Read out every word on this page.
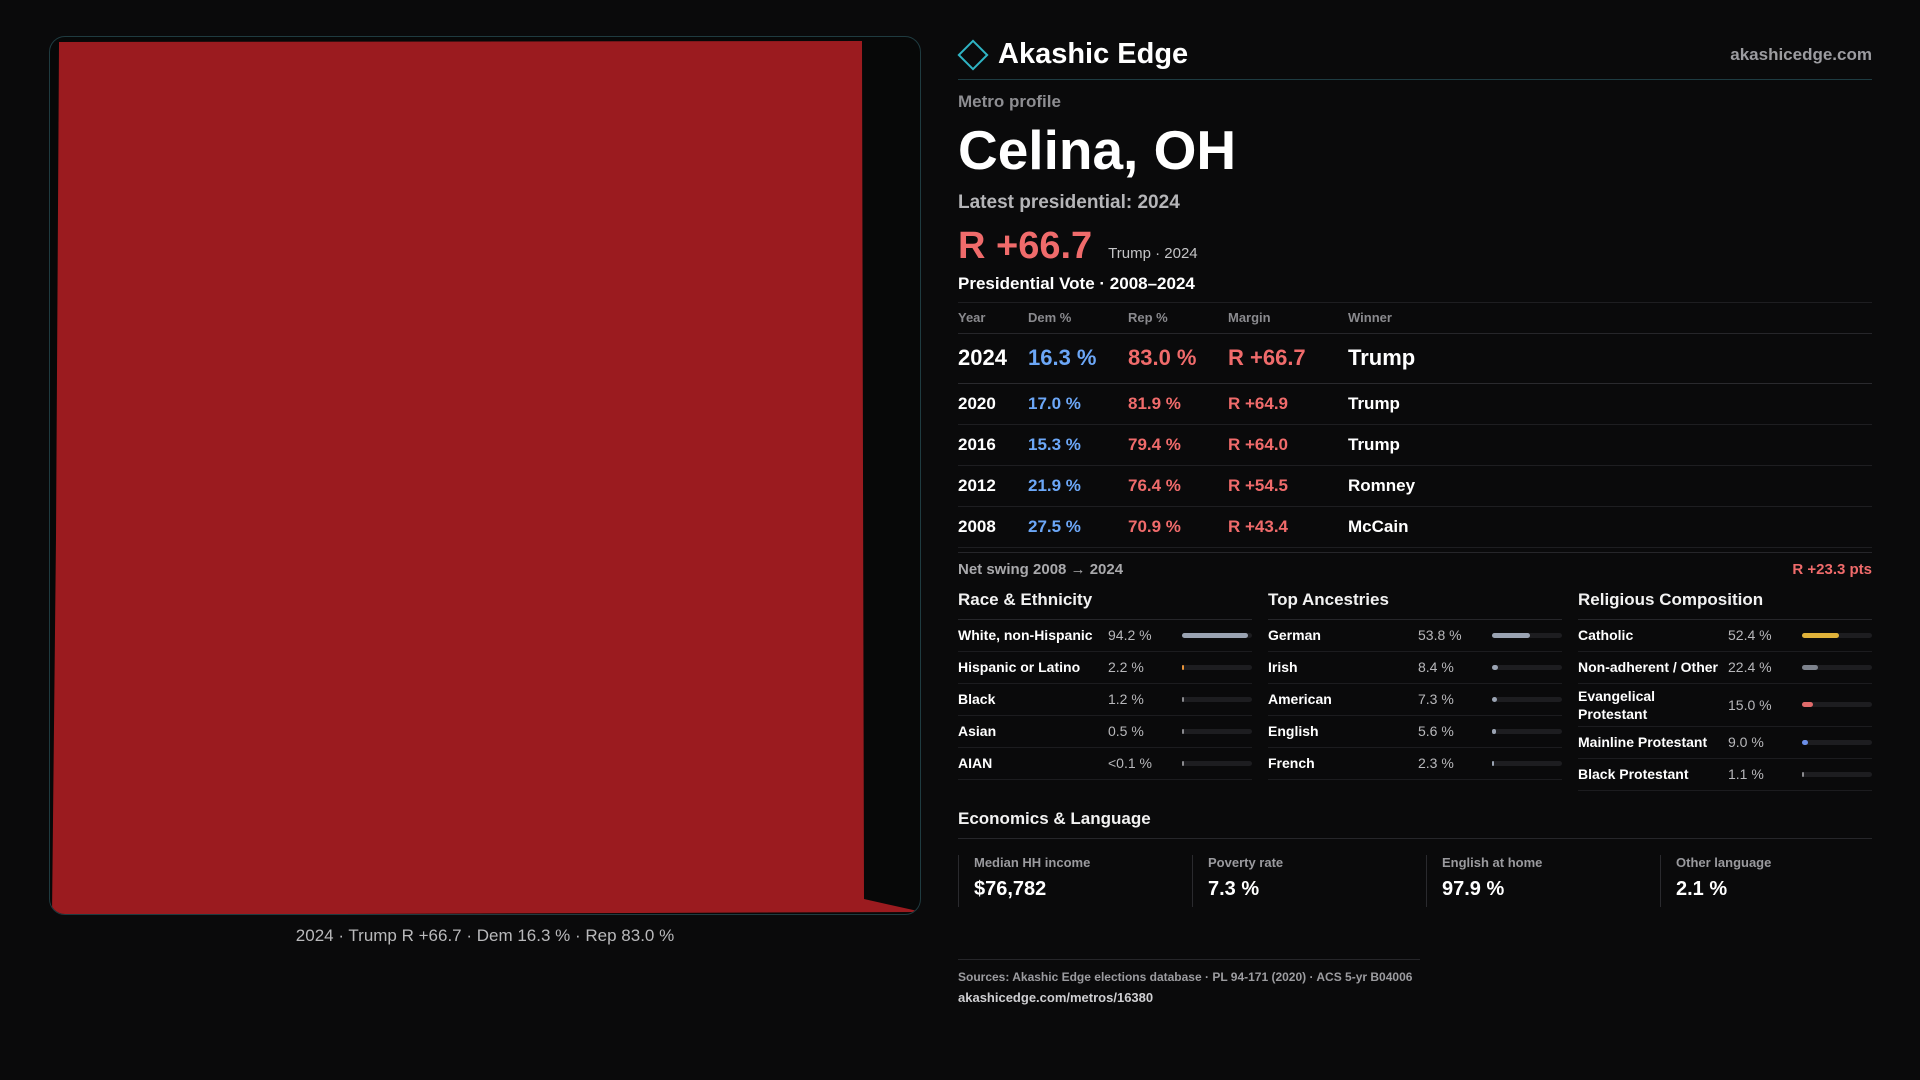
2024 · Trump R +66.7 · Dem 16.3 % · Rep 83.0 %
Akashic Edge	akashicedge.com
Metro profile
Celina, OH
Latest presidential: 2024
R +66.7 Trump · 2024
Presidential Vote · 2008–2024
Year	Dem %	Rep %	Margin	Winner
2024	16.3 %	83.0 %	R +66.7	Trump
2020	17.0 %	81.9 %	R +64.9	Trump
2016	15.3 %	79.4 %	R +64.0	Trump
2012	21.9 %	76.4 %	R +54.5	Romney
2008	27.5 %	70.9 %	R +43.4	McCain
Net swing 2008 → 2024	R +23.3 pts
Race & Ethnicity
White, non-Hispanic	94.2 %
Hispanic or Latino	2.2 %
Black	1.2 %
Asian	0.5 %
AIAN	<0.1 %
Top Ancestries
German	53.8 %
Irish	8.4 %
American	7.3 %
English	5.6 %
French	2.3 %
Religious Composition
Catholic	52.4 %
Non-adherent / Other 22.4 %
Evangelical Protestant
15.0 %
Mainline Protestant	9.0 %
Black Protestant	1.1 %
Economics & Language
Median HH income
$76,782
Poverty rate
7.3 %
English at home
97.9 %
Other language
2.1 %
Sources: Akashic Edge elections database · PL 94-171 (2020) · ACS 5-yr B04006
akashicedge.com/metros/16380
